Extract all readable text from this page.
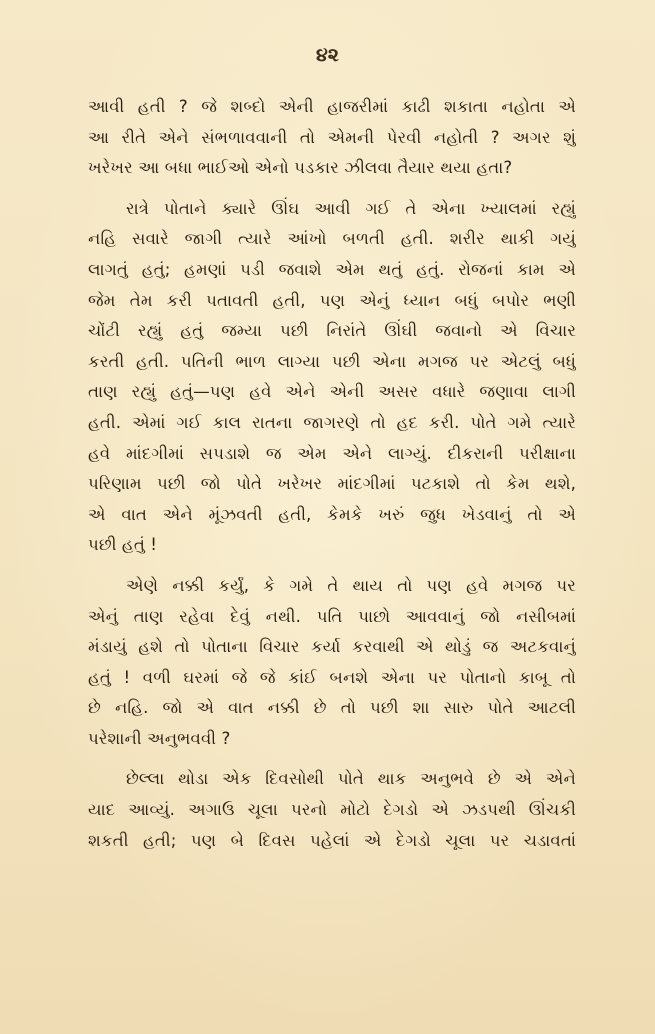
૪૨
આવી હતી ? જે શબ્દો એની હાજરીમાં કાઢી શકાતા નહોતા એ
આ રીતે એને સંભળાવવાની તો એમની પેરવી નહોતી ? અગર શું
ખરેખર આ બધા ભાઈઓ એનો પડકાર ઝીલવા તૈયાર થયા હતા?
રાત્રે પોતાને ક્યારે ઊંઘ આવી ગઈ તે એના ખ્યાલમાં રહ્યું
નહિ સવારે જાગી ત્યારે આંખો બળતી હતી. શરીર થાકી ગયું
લાગતું હતું; હમણાં પડી જવાશે એમ થતું હતું. રોજનાં કામ એ
જેમ તેમ કરી પતાવતી હતી, પણ એનું ધ્યાન બધું બપોર ભણી
ચોંટી રહ્યું હતું જમ્યા પછી નિરાંતે ઊંઘી જવાનો એ વિચાર
કરતી હતી. પતિની ભાળ લાગ્યા પછી એના મગજ પર એટલું બધું
તાણ રહ્યું હતું—પણ હવે એને એની અસર વધારે જણાવા લાગી
હતી. એમાં ગઈ કાલ રાતના જાગરણે તો હદ કરી. પોતે ગમે ત્યારે
હવે માંદગીમાં સપડાશે જ એમ એને લાગ્યું. દીકરાની પરીક્ષાના
પરિણામ પછી જો પોતે ખરેખર માંદગીમાં પટકાશે તો કેમ થશે,
એ વાત એને મૂંઝવતી હતી, કેમકે ખરું જુધ ખેડવાનું તો એ
પછી હતું !
એણે નક્કી કર્યું, કે ગમે તે થાય તો પણ હવે મગજ પર
એનું તાણ રહેવા દેવું નથી. પતિ પાછો આવવાનું જો નસીબમાં
મંડાયું હશે તો પોતાના વિચાર કર્યા કરવાથી એ થોડું જ અટકવાનું
હતું ! વળી ઘરમાં જે જે કાંઈ બનશે એના પર પોતાનો કાબૂ તો
છે નહિ. જો એ વાત નક્કી છે તો પછી શા સારુ પોતે આટલી
પરેશાની અનુભવવી ?
છેલ્લા થોડા એક દિવસોથી પોતે થાક અનુભવે છે એ એને
યાદ આવ્યું. અગાઉ ચૂલા પરનો મોટો દેગડો એ ઝડપથી ઊંચકી
શકતી હતી; પણ બે દિવસ પહેલાં એ દેગડો ચૂલા પર ચડાવતાં
